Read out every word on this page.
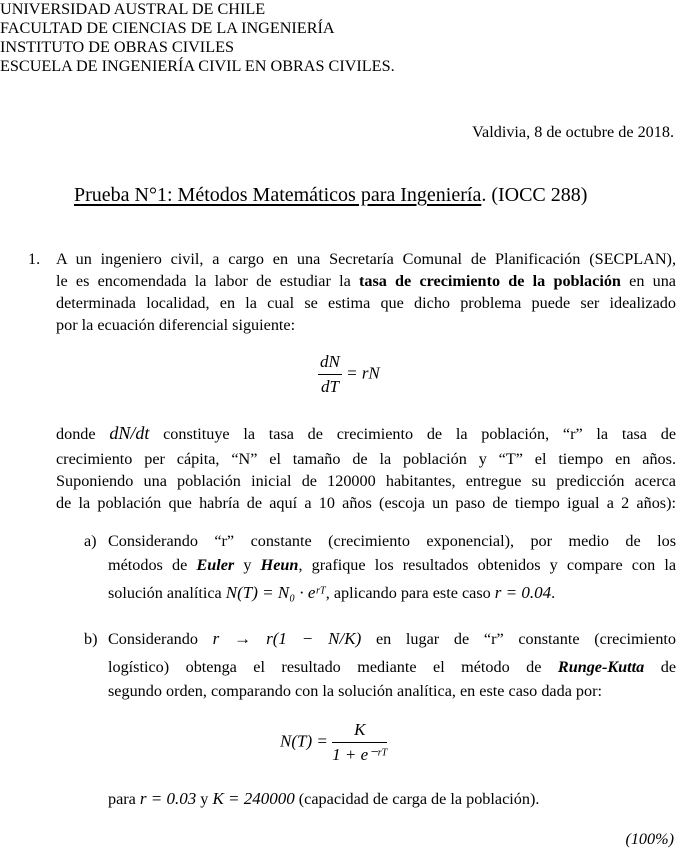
UNIVERSIDAD AUSTRAL DE CHILE
FACULTAD DE CIENCIAS DE LA INGENIERÍA
INSTITUTO DE OBRAS CIVILES
ESCUELA DE INGENIERÍA CIVIL EN OBRAS CIVILES.
Valdivia, 8 de octubre de 2018.
Prueba N°1: Métodos Matemáticos para Ingeniería. (IOCC 288)
1. A un ingeniero civil, a cargo en una Secretaría Comunal de Planificación (SECPLAN),
le es encomendada la labor de estudiar la tasa de crecimiento de la población en una
determinada localidad, en la cual se estima que dicho problema puede ser idealizado
por la ecuación diferencial siguiente:
$\frac{dN}{dT}$ = rN
donde dN/dt constituye la tasa de crecimiento de la población, “r” la tasa de
crecimiento per cápita, “N” el tamaño de la población y “T” el tiempo en años.
Suponiendo una población inicial de 120000 habitantes, entregue su predicción acerca
de la población que habría de aquí a 10 años (escoja un paso de tiempo igual a 2 años):
a) Considerando “r” constante (crecimiento exponencial), por medio de los
métodos de Euler y Heun, grafique los resultados obtenidos y compare con la
solución analítica N(T) = N₀ · eʳᵀ, aplicando para este caso r = 0.04.
b) Considerando r → r(1 − N/K) en lugar de “r” constante (crecimiento
logístico) obtenga el resultado mediante el método de Runge-Kutta de
segundo orden, comparando con la solución analítica, en este caso dada por:
$N(T) = \frac{K}{\text{1 + e⁻ʳᵀ}}$
para r = 0.03 y K = 240000 (capacidad de carga de la población).
(100%)
